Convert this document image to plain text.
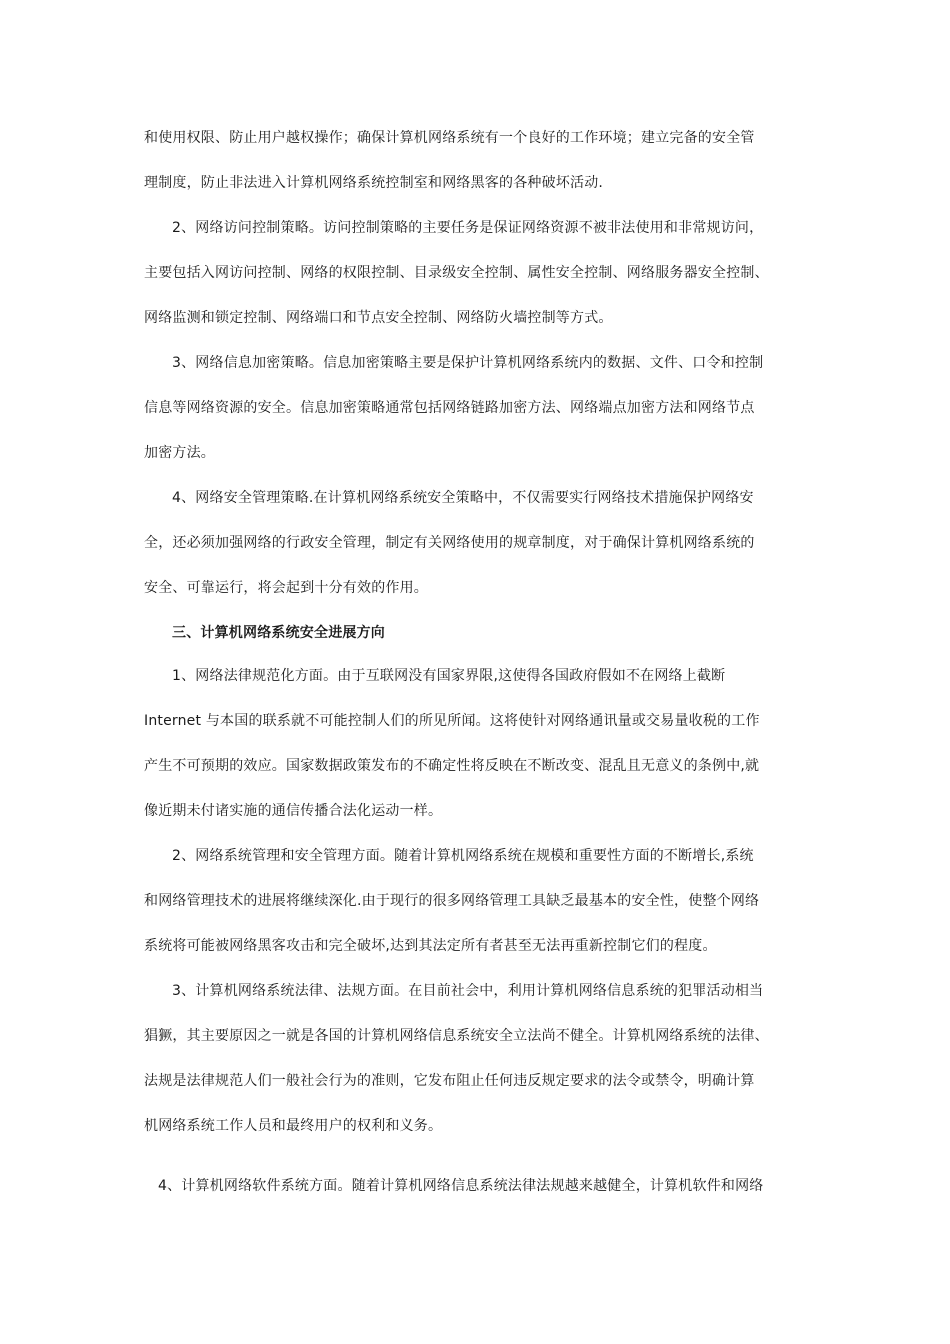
和使用权限、防止用户越权操作；确保计算机网络系统有一个良好的工作环境；建立完备的安全管
理制度，防止非法进入计算机网络系统控制室和网络黑客的各种破坏活动.
2、网络访问控制策略。访问控制策略的主要任务是保证网络资源不被非法使用和非常规访问，
主要包括入网访问控制、网络的权限控制、目录级安全控制、属性安全控制、网络服务器安全控制、
网络监测和锁定控制、网络端口和节点安全控制、网络防火墙控制等方式。
3、网络信息加密策略。信息加密策略主要是保护计算机网络系统内的数据、文件、口令和控制
信息等网络资源的安全。信息加密策略通常包括网络链路加密方法、网络端点加密方法和网络节点
加密方法。
4、网络安全管理策略.在计算机网络系统安全策略中，不仅需要实行网络技术措施保护网络安
全，还必须加强网络的行政安全管理，制定有关网络使用的规章制度，对于确保计算机网络系统的
安全、可靠运行，将会起到十分有效的作用。
三、计算机网络系统安全进展方向
1、网络法律规范化方面。由于互联网没有国家界限,这使得各国政府假如不在网络上截断
Internet 与本国的联系就不可能控制人们的所见所闻。这将使针对网络通讯量或交易量收税的工作
产生不可预期的效应。国家数据政策发布的不确定性将反映在不断改变、混乱且无意义的条例中,就
像近期未付诸实施的通信传播合法化运动一样。
2、网络系统管理和安全管理方面。随着计算机网络系统在规模和重要性方面的不断增长,系统
和网络管理技术的进展将继续深化.由于现行的很多网络管理工具缺乏最基本的安全性，使整个网络
系统将可能被网络黑客攻击和完全破坏,达到其法定所有者甚至无法再重新控制它们的程度。
3、计算机网络系统法律、法规方面。在目前社会中，利用计算机网络信息系统的犯罪活动相当
猖獗，其主要原因之一就是各国的计算机网络信息系统安全立法尚不健全。计算机网络系统的法律、
法规是法律规范人们一般社会行为的准则，它发布阻止任何违反规定要求的法令或禁令，明确计算
机网络系统工作人员和最终用户的权利和义务。
4、计算机网络软件系统方面。随着计算机网络信息系统法律法规越来越健全，计算机软件和网络
